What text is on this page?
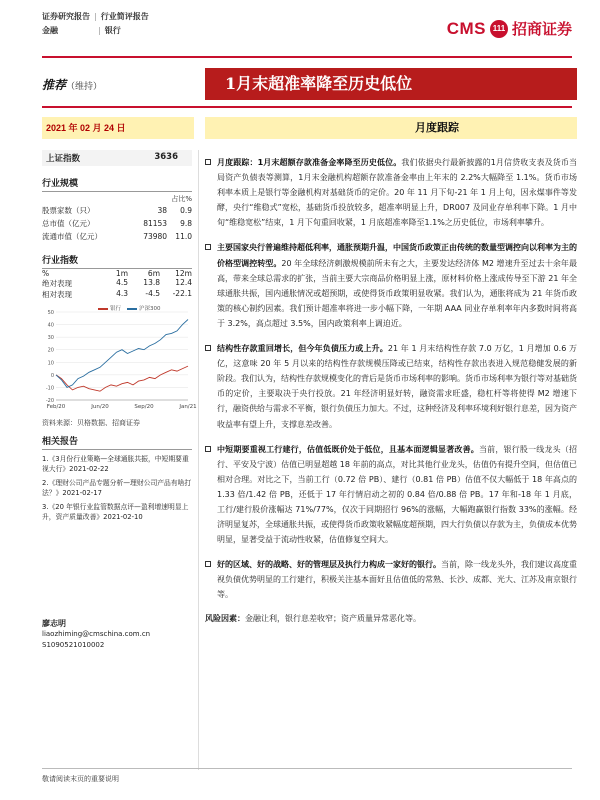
证券研究报告 | 行业简评报告
金融	| 银行	CMS 111 招商证券
推荐（维持）	1月末超准率降至历史低位
2021 年 02 月 24 日	月度跟踪
上证指数	3636
行业规模
占比%
股票家数（只）	38	0.9
总市值（亿元）	81153	9.8
流通市值（亿元）	73980	11.0
行业指数
%	1m	6m	12m
绝对表现	4.5	13.8	12.4
相对表现	4.3	-4.5	-22.1
银行	沪深300
-20
-10
0
10
20
30
40
50
Feb/20	Jun/20	Sep/20	Jan/21
资料来源：贝格数据、招商证券
相关报告
1.《3月份行业策略—全球通胀共振，中短期要重视大行》2021-02-22
2.《理财公司产品专题分析—理财公司产品有啥打法？》2021-02-17
3.《20 年银行业监管数据点评—盈利增速明显上升，资产质量改善》2021-02-10
廖志明
liaozhiming@cmschina.com.cn
S1090521010002
月度跟踪：1月末超额存款准备金率降至历史低位。我们依据央行最新披露的1月信贷收支表及货币当局资产负债表等测算，1月末金融机构超额存款准备金率由上年末的 2.2%大幅降至 1.1%。货币市场利率本质上是银行等金融机构对基础货币的定价。20 年 11 月下旬-21 年 1 月上旬，因永煤事件等发酵，央行“维稳式”宽松，基础货币投放较多，超准率明显上升，DR007 及同业存单利率下降。1 月中旬“维稳宽松”结束，1 月下旬重回收紧，1 月底超准率降至1.1%之历史低位，市场利率攀升。
主要国家央行普遍维持超低利率，通胀预期升温，中国货币政策正由传统的数量型调控向以利率为主的价格型调控转型。20 年全球经济刺激规模前所未有之大，主要发达经济体 M2 增速升至过去十余年最高，带来全球总需求的扩张，当前主要大宗商品价格明显上涨，原材料价格上涨成传导至下游 21 年全球通胀共振，国内通胀情况或超预期，或使得货币政策明显收紧。我们认为，通胀将成为 21 年货币政策的核心制约因素。我们预计超准率将进一步小幅下降，一年期 AAA 同业存单利率年内多数时间将高于 3.2%，高点超过 3.5%，国内政策利率上调迫近。
结构性存款重回增长，但今年负债压力或上升。21 年 1 月末结构性存款 7.0 万亿，1 月增加 0.6 万亿，这意味 20 年 5 月以来的结构性存款规模压降或已结束，结构性存款出表进入规范稳健发展的新阶段。我们认为，结构性存款规模变化的背后是货币市场利率的影响。货币市场利率为银行等对基础货币的定价，主要取决于央行投放。21 年经济明显好转，融资需求旺盛，稳杠杆等将使得 M2 增速下行，融资供给与需求不平衡，银行负债压力加大。不过，这种经济及利率环境利好银行息差，因为资产收益率有望上升，支撑息差改善。
中短期要重视工行建行，估值低既价处于低位，且基本面逻辑显著改善。当前，银行股一线龙头（招行、平安及宁波）估值已明显超越 18 年前的高点，对比其他行业龙头，估值仍有提升空间，但估值已相对合理。对比之下，当前工行（0.72 倍 PB）、建行（0.81 倍 PB）估值不仅大幅低于 18 年高点的 1.33 倍/1.42 倍 PB，还低于 17 年行情启动之初的 0.84 倍/0.88 倍 PB。17 年和-18 年 1 月底，工行/建行股价涨幅达 71%/77%，仅次于同期招行 96%的涨幅，大幅跑赢银行指数 33%的涨幅。经济明显复苏，全球通胀共振，或使得货币政策收紧幅度超预期，四大行负债以存款为主，负债成本优势明显，显著受益于流动性收紧，估值修复空间大。
好的区域、好的战略、好的管理层及执行力构成一家好的银行。当前，除一线龙头外，我们建议高度重视负债优势明显的工行建行，积极关注基本面好且估值低的常熟、长沙、成都、光大、江苏及南京银行等。
风险因素：金融让利，银行息差收窄；资产质量异常恶化等。
敬请阅读末页的重要说明
